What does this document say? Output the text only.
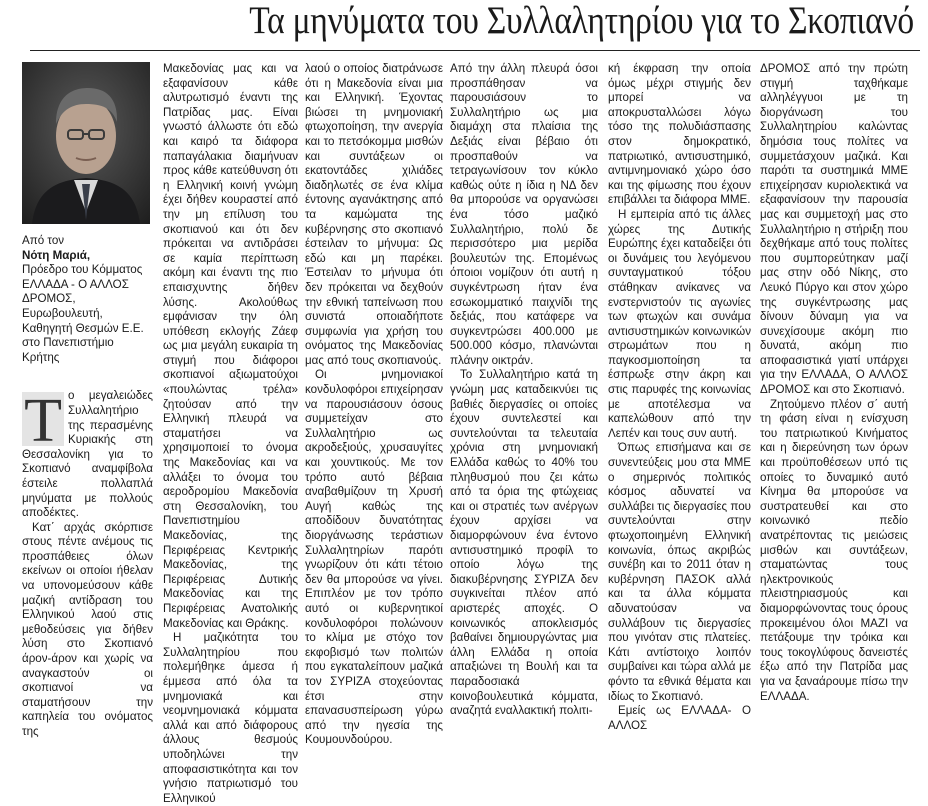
Τα μηνύματα του Συλλαλητηρίου για το Σκοπιανό
Από τον
Νότη Μαριά,
Πρόεδρο του Κόμματος ΕΛΛΑΔΑ - Ο ΑΛΛΟΣ ΔΡΟΜΟΣ, Ευρωβουλευτή, Καθηγητή Θεσμών Ε.Ε. στο Πανεπιστήμιο Κρήτης
Τ ο μεγαλειώδες Συλλαλητήριο της περασμένης Κυριακής στη Θεσσαλονίκη για το Σκοπιανό αναμφίβολα έστειλε πολλαπλά μηνύματα με πολλούς αποδέκτες.

Κατ΄ αρχάς σκόρπισε στους πέντε ανέμους τις προσπάθειες όλων εκείνων οι οποίοι ήθελαν να υπονομεύσουν κάθε μαζική αντίδραση του Ελληνικού λαού στις μεθοδεύσεις για δήθεν λύση στο Σκοπιανό άρον-άρον και χωρίς να αναγκαστούν οι σκοπιανοί να σταματήσουν την καπηλεία του ονόματος της

Μακεδονίας μας και να εξαφανίσουν κάθε αλυτρωτισμό έναντι της Πατρίδας μας. Είναι γνωστό άλλωστε ότι εδώ και καιρό τα διάφορα παπαγάλακια διαμήνυαν προς κάθε κατεύθυνση ότι η Ελληνική κοινή γνώμη έχει δήθεν κουραστεί από την μη επίλυση του σκοπιανού και ότι δεν πρόκειται να αντιδράσει σε καμία περίπτωση ακόμη και έναντι της πιο επαισχυντης δήθεν λύσης. Ακολούθως εμφάνισαν την όλη υπόθεση εκλογής Ζάεφ ως μια μεγάλη ευκαιρία τη στιγμή που διάφοροι σκοπιανοί αξιωματούχοι «πουλώντας τρέλα» ζητούσαν από την Ελληνική πλευρά να σταματήσει να χρησιμοποιεί το όνομα της Μακεδονίας και να αλλάξει το όνομα του αεροδρομίου Μακεδονία στη Θεσσαλονίκη, του Πανεπιστημίου Μακεδονίας, της Περιφέρειας Κεντρικής Μακεδονίας, της Περιφέρειας Δυτικής Μακεδονίας και της Περιφέρειας Ανατολικής Μακεδονίας και Θράκης.

Η μαζικότητα του Συλλαλητηρίου που πολεμήθηκε άμεσα ή έμμεσα από όλα τα μνημονιακά και νεομνημονιακά κόμματα αλλά και από διάφορους άλλους θεσμούς υποδηλώνει την αποφασιστικότητα και τον γνήσιο πατριωτισμό του Ελληνικού

λαού ο οποίος διατράνωσε ότι η Μακεδονία είναι μια και Ελληνική. Έχοντας βιώσει τη μνημονιακή φτωχοποίηση, την ανεργία και το πετσόκομμα μισθών και συντάξεων οι εκατοντάδες χιλιάδες διαδηλωτές σε ένα κλίμα έντονης αγανάκτησης από τα καμώματα της κυβέρνησης στο σκοπιανό έστειλαν το μήνυμα: Ως εδώ και μη παρέκει. Έστειλαν το μήνυμα ότι δεν πρόκειται να δεχθούν την εθνική ταπείνωση που συνιστά οποιαδήποτε συμφωνία για χρήση του ονόματος της Μακεδονίας μας από τους σκοπιανούς.

Οι μνημονιακοί κονδυλοφόροι επιχείρησαν να παρουσιάσουν όσους συμμετείχαν στο Συλλαλητήριο ως ακροδεξιούς, χρυσαυγίτες και χουντικούς. Με τον τρόπο αυτό βέβαια αναβαθμίζουν τη Χρυσή Αυγή καθώς της αποδίδουν δυνατότητας διοργάνωσης τεράστιων Συλλαλητηρίων παρότι γνωρίζουν ότι κάτι τέτοιο δεν θα μπορούσε να γίνει. Επιπλέον με τον τρόπο αυτό οι κυβερνητικοί κονδυλοφόροι πολώνουν το κλίμα με στόχο τον εκφοβισμό των πολιτών που εγκαταλείπουν μαζικά τον ΣΥΡΙΖΑ στοχεύοντας έτσι στην επανασυσπείρωση γύρω από την ηγεσία της Κουμουνδούρου.

Από την άλλη πλευρά όσοι προσπάθησαν να παρουσιάσουν το Συλλαλητήριο ως μια διαμάχη στα πλαίσια της Δεξιάς είναι βέβαιο ότι προσπαθούν να τετραγωνίσουν τον κύκλο καθώς ούτε η ίδια η ΝΔ δεν θα μπορούσε να οργανώσει ένα τόσο μαζικό Συλλαλητήριο, πολύ δε περισσότερο μια μερίδα βουλευτών της. Επομένως όποιοι νομίζουν ότι αυτή η συγκέντρωση ήταν ένα εσωκομματικό παιχνίδι της δεξιάς, που κατάφερε να συγκεντρώσει 400.000 με 500.000 κόσμο, πλανώνται πλάνην οικτράν.

Το Συλλαλητήριο κατά τη γνώμη μας καταδεικνύει τις βαθιές διεργασίες οι οποίες έχουν συντελεστεί και συντελούνται τα τελευταία χρόνια στη μνημονιακή Ελλάδα καθώς το 40% του πληθυσμού που ζει κάτω από τα όρια της φτώχειας και οι στρατιές των ανέργων έχουν αρχίσει να διαμορφώνουν ένα έντονο αντισυστημικό προφίλ το οποίο λόγω της διακυβέρνησης ΣΥΡΙΖΑ δεν συγκινείται πλέον από αριστερές αποχές. Ο κοινωνικός αποκλεισμός βαθαίνει δημιουργώντας μια άλλη Ελλάδα η οποία απαξιώνει τη Βουλή και τα παραδοσιακά κοινοβουλευτικά κόμματα, αναζητά εναλλακτική πολιτι-

κή έκφραση την οποία όμως μέχρι στιγμής δεν μπορεί να αποκρυσταλλώσει λόγω τόσο της πολυδιάσπασης στον δημοκρατικό, πατριωτικό, αντισυστημικό, αντιμνημονιακό χώρο όσο και της φίμωσης που έχουν επιβάλλει τα διάφορα ΜΜΕ.

Η εμπειρία από τις άλλες χώρες της Δυτικής Ευρώπης έχει καταδείξει ότι οι δυνάμεις του λεγόμενου συνταγματικού τόξου στάθηκαν ανίκανες να ενστερνιστούν τις αγωνίες των φτωχών και συνάμα αντισυστημικών κοινωνικών στρωμάτων που η παγκοσμιοποίηση τα έσπρωξε στην άκρη και στις παρυφές της κοινωνίας με αποτέλεσμα να καπελώθουν από την Λεπέν και τους συν αυτή.

Όπως επισήμανα και σε συνεντεύξεις μου στα ΜΜΕ ο σημερινός πολιτικός κόσμος αδυνατεί να συλλάβει τις διεργασίες που συντελούνται στην φτωχοποιημένη Ελληνική κοινωνία, όπως ακριβώς συνέβη και το 2011 όταν η κυβέρνηση ΠΑΣΟΚ αλλά και τα άλλα κόμματα αδυνατούσαν να συλλάβουν τις διεργασίες που γινόταν στις πλατείες. Κάτι αντίστοιχο λοιπόν συμβαίνει και τώρα αλλά με φόντο τα εθνικά θέματα και ιδίως το Σκοπιανό.

Εμείς ως ΕΛΛΑΔΑ- Ο ΑΛΛΟΣ

ΔΡΟΜΟΣ από την πρώτη στιγμή ταχθήκαμε αλληλέγγυοι με τη διοργάνωση του Συλλαλητηρίου καλώντας δημόσια τους πολίτες να συμμετάσχουν μαζικά. Και παρότι τα συστημικά ΜΜΕ επιχείρησαν κυριολεκτικά να εξαφανίσουν την παρουσία μας και συμμετοχή μας στο Συλλαλητήριο η στήριξη που δεχθήκαμε από τους πολίτες που συμπορεύτηκαν μαζί μας στην οδό Νίκης, στο Λευκό Πύργο και στον χώρο της συγκέντρωσης μας δίνουν δύναμη για να συνεχίσουμε ακόμη πιο δυνατά, ακόμη πιο αποφασιστικά γιατί υπάρχει για την ΕΛΛΑΔΑ, Ο ΑΛΛΟΣ ΔΡΟΜΟΣ και στο Σκοπιανό.

Ζητούμενο πλέον σ΄ αυτή τη φάση είναι η ενίσχυση του πατριωτικού Κινήματος και η διερεύνηση των όρων και προϋποθέσεων υπό τις οποίες το δυναμικό αυτό Κίνημα θα μπορούσε να συστρατευθεί και στο κοινωνικό πεδίο ανατρέποντας τις μειώσεις μισθών και συντάξεων, σταματώντας τους ηλεκτρονικούς πλειστηριασμούς και διαμορφώνοντας τους όρους προκειμένου όλοι ΜΑΖΙ να πετάξουμε την τρόικα και τους τοκογλύφους δανειστές έξω από την Πατρίδα μας για να ξαναάρουμε πίσω την ΕΛΛΑΔΑ.
